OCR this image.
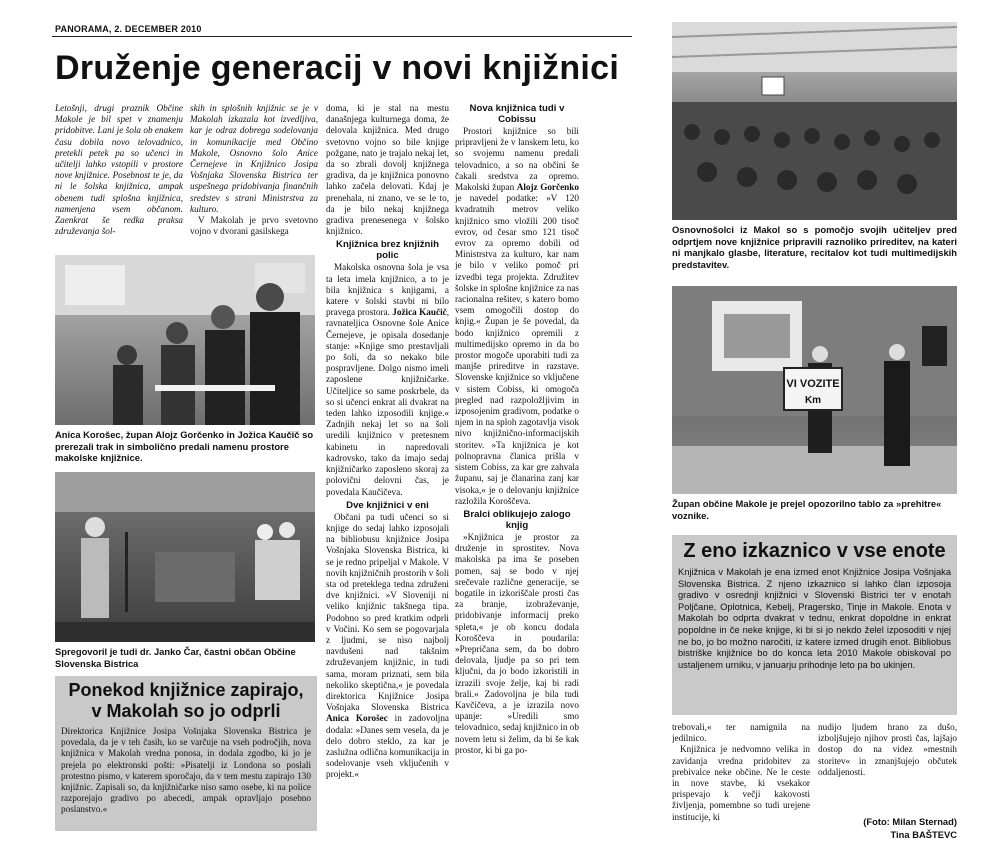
PANORAMA, 2. DECEMBER 2010
Druženje generacij v novi knjižnici

Letošnji, drugi praznik Občine Makole je bil spet v znamenju pridobitve. Lani je šola ob enakem času dobila novo telovadnico, pretekli petek pa so učenci in učitelji lahko vstopili v prostore nove knjižnice. Posebnost te je, da ni le šolska knjižnica, ampak obenem tudi splošna knjižnica, namenjena vsem občanom. Zaenkrat še redka praksa združevanja šol-

skih in splošnih knjižnic se je v Makolah izkazala kot izvedljiva, kar je odraz dobrega sodelovanja in komunikacije med Občino Makole, Osnovno šolo Anice Černejeve in Knjižnico Josipa Vošnjaka Slovenska Bistrica ter uspešnega pridobivanja finančnih sredstev s strani Ministrstva za kulturo.

V Makolah je prvo svetovno vojno v dvorani gasilskega

doma, ki je stal na mestu današnjega kulturnega doma, že delovala knjižnica. Med drugo svetovno vojno so bile knjige požgane, nato je trajalo nekaj let, da so zbrali dovolj knjižnega gradiva, da je knjižnica ponovno lahko začela delovati. Kdaj je prenehala, ni znano, ve se le to, da je bilo nekaj knjižnega gradiva prenesenega v šolsko knjižnico.

Knjižnica brez knjižnih polic

Makolska osnovna šola je vsa ta leta imela knjižnico, a to je bila knjižnica s knjigami, a katere v šolski stavbi ni bilo pravega prostora. Jožica Kaučič, ravnateljica Osnovne šole Anice Černejeve, je opisala dosedanje stanje: »Knjige smo prestavljali po šoli, da so nekako bile pospravljene. Dolgo nismo imeli zaposlene knjižničarke. Učiteljice so same poskrbele, da so si učenci enkrat ali dvakrat na teden lahko izposodili knjige.« Zadnjih nekaj let so na šoli uredili knjižnico v pretesnem kabinetu in napredovali kadrovsko, tako da imajo sedaj knjižničarko zaposleno skoraj za polovični delovni čas, je povedala Kaučičeva.

Dve knjižnici v eni

Občani pa tudi učenci so si knjige do sedaj lahko izposojali na bibliobusu knjižnice Josipa Vošnjaka Slovenska Bistrica, ki se je redno pripeljal v Makole. V novih knjižničnih prostorih v šoli sta od preteklega tedna združeni dve knjižnici. »V Sloveniji ni veliko knjižnic takšnega tipa. Podobno so pred kratkim odprli v Vočini. Ko sem se pogovarjala z ljudmi, se niso najbolj navdušeni nad takšnim združevanjem knjižnic, in tudi sama, moram priznati, sem bila nekoliko skeptična,« je povedala direktorica Knjižnice Josipa Vošnjaka Slovenska Bistrica Anica Korošec in zadovoljna dodala: »Danes sem vesela, da je delo dobro steklo, za kar je zaslužna odlična komunikacija in sodelovanje vseh vključenih v projekt.«

Nova knjižnica tudi v Cobissu

Prostori knjižnice so bili pripravljeni že v lanskem letu, ko so svojemu namenu predali telovadnico, a so na občini še čakali sredstva za opremo. Makolski župan Alojz Gorčenko je navedel podatke: »V 120 kvadratnih metrov veliko knjižnico smo vložili 200 tisoč evrov, od česar smo 121 tisoč evrov za opremo dobili od Ministrstva za kulturo, kar nam je bilo v veliko pomoč pri izvedbi tega projekta. Združitev šolske in splošne knjižnice za nas racionalna rešitev, s katero bomo vsem omogočili dostop do knjig.« Župan je še povedal, da bodo knjižnico opremili z multimedijsko opremo in da bo prostor mogoče uporabiti tudi za manjše prireditve in razstave. Slovenske knjižnice so vključene v sistem Cobiss, ki omogoča pregled nad razpoložljivim in izposojenim gradivom, podatke o njem in na sploh zagotavlja visok nivo knjižnično-informacijskih storitev. »Ta knjižnica je kot polnopravna članica prišla v sistem Cobiss, za kar gre zahvala županu, saj je članarina zanj kar visoka,« je o delovanju knjižnice razložila Koroščeva.

Bralci oblikujejo zalogo knjig

»Knjižnica je prostor za druženje in sprostitev. Nova makolska pa ima še poseben pomen, saj se bodo v njej srečevale različne generacije, se bogatile in izkoriščale prosti čas za branje, izobraževanje, pridobivanje informacij preko spleta,« je ob koncu dodala Koroščeva in poudarila: »Prepričana sem, da bo dobro delovala, ljudje pa so pri tem ključni, da jo bodo izkoristili in izrazili svoje želje, kaj bi radi brali.« Zadovoljna je bila tudi Kavčičeva, a je izrazila novo upanje: »Uredili smo telovadnico, sedaj knjižnico in ob novem letu si želim, da bi še kak prostor, ki bi ga po-

Anica Korošec, župan Alojz Gorčenko in Jožica Kaučič so prerezali trak in simbolično predali namenu prostore makolske knjižnice.
Spregovoril je tudi dr. Janko Čar, častni občan Občine Slovenska Bistrica
Ponekod knjižnice zapirajo,
v Makolah so jo odprli
Direktorica Knjižnice Josipa Vošnjaka Slovenska Bistrica je povedala, da je v teh časih, ko se varčuje na vseh področjih, nova knjižnica v Makolah vredna ponosa, in dodala zgodbo, ki jo je prejela po elektronski pošti: »Pisatelji iz Londona so poslali protestno pismo, v katerem sporočajo, da v tem mestu zapirajo 130 knjižnic. Zapisali so, da knjižničarke niso samo osebe, ki na police razporejajo gradivo po abecedi, ampak opravljajo posebno poslanstvo.«
Osnovnošolci iz Makol so s pomočjo svojih učiteljev pred odprtjem nove knjižnice pripravili raznoliko prireditev, na kateri ni manjkalo glasbe, literature, recitalov kot tudi multimedijskih predstavitev.
VI VOZITE
Km
Župan občine Makole je prejel opozorilno tablo za »prehitre« voznike.
Z eno izkaznico v vse enote
Knjižnica v Makolah je ena izmed enot Knjižnice Josipa Vošnjaka Slovenska Bistrica. Z njeno izkaznico si lahko član izposoja gradivo v osrednji knjižnici v Slovenski Bistrici ter v enotah Poljčane, Oplotnica, Kebelj, Pragersko, Tinje in Makole. Enota v Makolah bo odprta dvakrat v tednu, enkrat dopoldne in enkrat popoldne in če neke knjige, ki bi si jo nekdo želel izposoditi v njej ne bo, jo bo možno naročiti, iz katere izmed drugih enot. Bibliobus bistriške knjižnice bo do konca leta 2010 Makole obiskoval po ustaljenem urniku, v januarju prihodnje leto pa bo ukinjen.

trebovali,« ter namignila na jedilnico.

Knjižnica je nedvomno velika in zavidanja vredna pridobitev za prebivalce neke občine. Ne le ceste in nove stavbe, ki vsekakor prispevajo k večji kakovosti življenja, pomembne so tudi urejene institucije, ki

nudijo ljudem hrano za dušo, izboljšujejo njihov prosti čas, lajšajo dostop do na videz »mestnih storitev« in zmanjšujejo občutek oddaljenosti.

(Foto: Milan Sternad)
Tina BAŠTEVC
